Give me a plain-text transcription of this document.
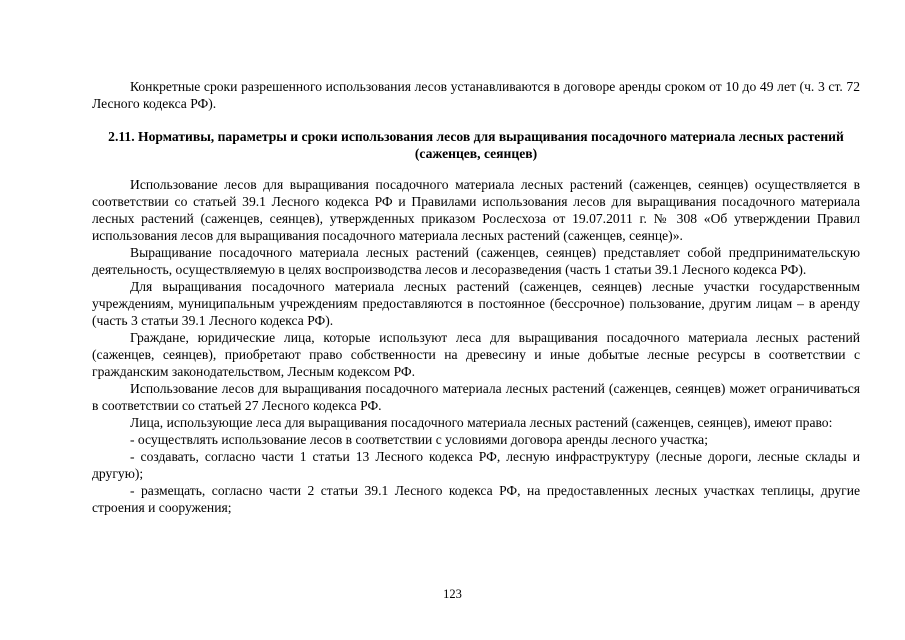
Конкретные сроки разрешенного использования лесов устанавливаются в договоре аренды сроком от 10 до 49 лет (ч. 3 ст. 72 Лесного кодекса РФ).

2.11. Нормативы, параметры и сроки использования лесов для выращивания посадочного материала лесных растений (саженцев, сеянцев)

Использование лесов для выращивания посадочного материала лесных растений (саженцев, сеянцев) осуществляется в соответствии со статьей 39.1 Лесного кодекса РФ и Правилами использования лесов для выращивания посадочного материала лесных растений (саженцев, сеянцев), утвержденных приказом Рослесхоза от 19.07.2011 г. № 308 «Об утверждении Правил использования лесов для выращивания посадочного материала лесных растений (саженцев, сеянце)».

Выращивание посадочного материала лесных растений (саженцев, сеянцев) представляет собой предпринимательскую деятельность, осуществляемую в целях воспроизводства лесов и лесоразведения (часть 1 статьи 39.1 Лесного кодекса РФ).

Для выращивания посадочного материала лесных растений (саженцев, сеянцев) лесные участки государственным учреждениям, муниципальным учреждениям предоставляются в постоянное (бессрочное) пользование, другим лицам – в аренду (часть 3 статьи 39.1 Лесного кодекса РФ).

Граждане, юридические лица, которые используют леса для выращивания посадочного материала лесных растений (саженцев, сеянцев), приобретают право собственности на древесину и иные добытые лесные ресурсы в соответствии с гражданским законодательством, Лесным кодексом РФ.

Использование лесов для выращивания посадочного материала лесных растений (саженцев, сеянцев) может ограничиваться в соответствии со статьей 27 Лесного кодекса РФ.

Лица, использующие леса для выращивания посадочного материала лесных растений (саженцев, сеянцев), имеют право:

- осуществлять использование лесов в соответствии с условиями договора аренды лесного участка;

- создавать, согласно части 1 статьи 13 Лесного кодекса РФ, лесную инфраструктуру (лесные дороги, лесные склады и другую);

- размещать, согласно части 2 статьи 39.1 Лесного кодекса РФ, на предоставленных лесных участках теплицы, другие строения и сооружения;

123
